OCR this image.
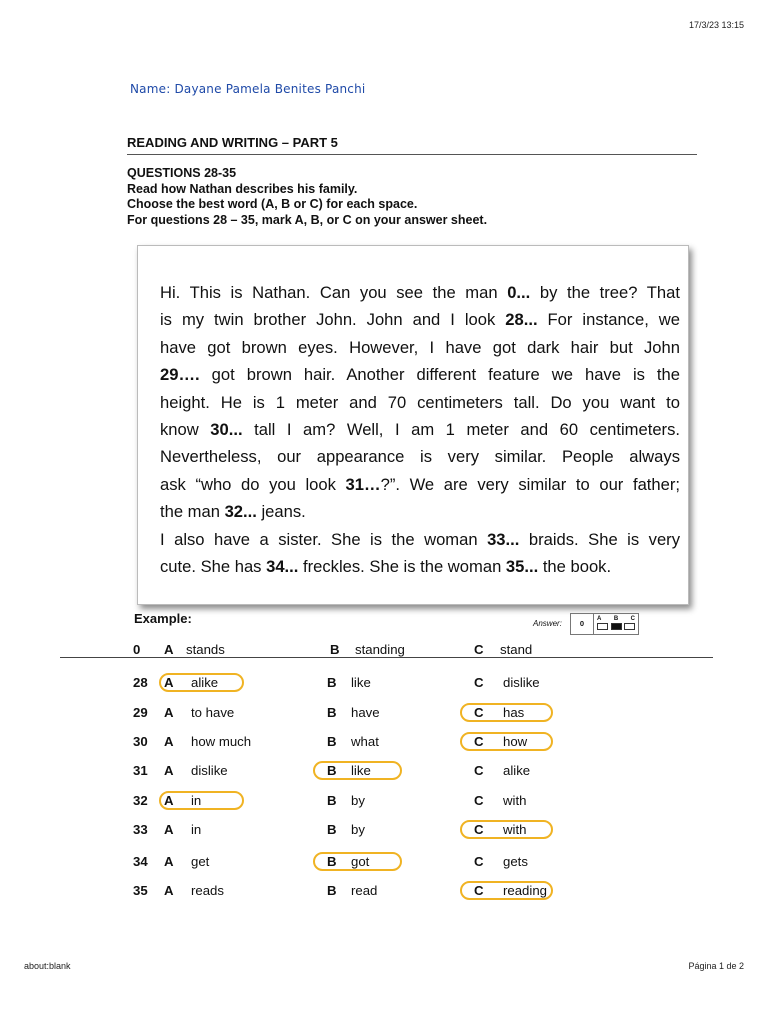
17/3/23 13:15
Name: Dayane Pamela Benites Panchi
READING AND WRITING – PART 5
QUESTIONS 28-35
Read how Nathan describes his family.
Choose the best word (A, B or C) for each space.
For questions 28 – 35, mark A, B, or C on your answer sheet.
Hi. This is Nathan. Can you see the man 0... by the tree? That
is my twin brother John. John and I look 28... For instance, we
have got brown eyes. However, I have got dark hair but John
29…. got brown hair. Another different feature we have is the
height. He is 1 meter and 70 centimeters tall. Do you want to
know 30... tall I am? Well, I am 1 meter and 60 centimeters.
Nevertheless, our appearance is very similar. People always
ask “who do you look 31…?”. We are very similar to our father;
the man 32... jeans.
I also have a sister. She is the woman 33... braids. She is very
cute. She has 34... freckles. She is the woman 35... the book.
Example:	Answer:	0	A B C
0 A stands	B standing	C stand
28 A alike	B like	C dislike
29 A to have	B have	C has
30 A how much	B what	C how
31 A dislike	B like	C alike
32 A in	B by	C with
33 A in	B by	C with
34 A get	B got	C gets
35 A reads	B read	C reading
about:blank	Página 1 de 2
